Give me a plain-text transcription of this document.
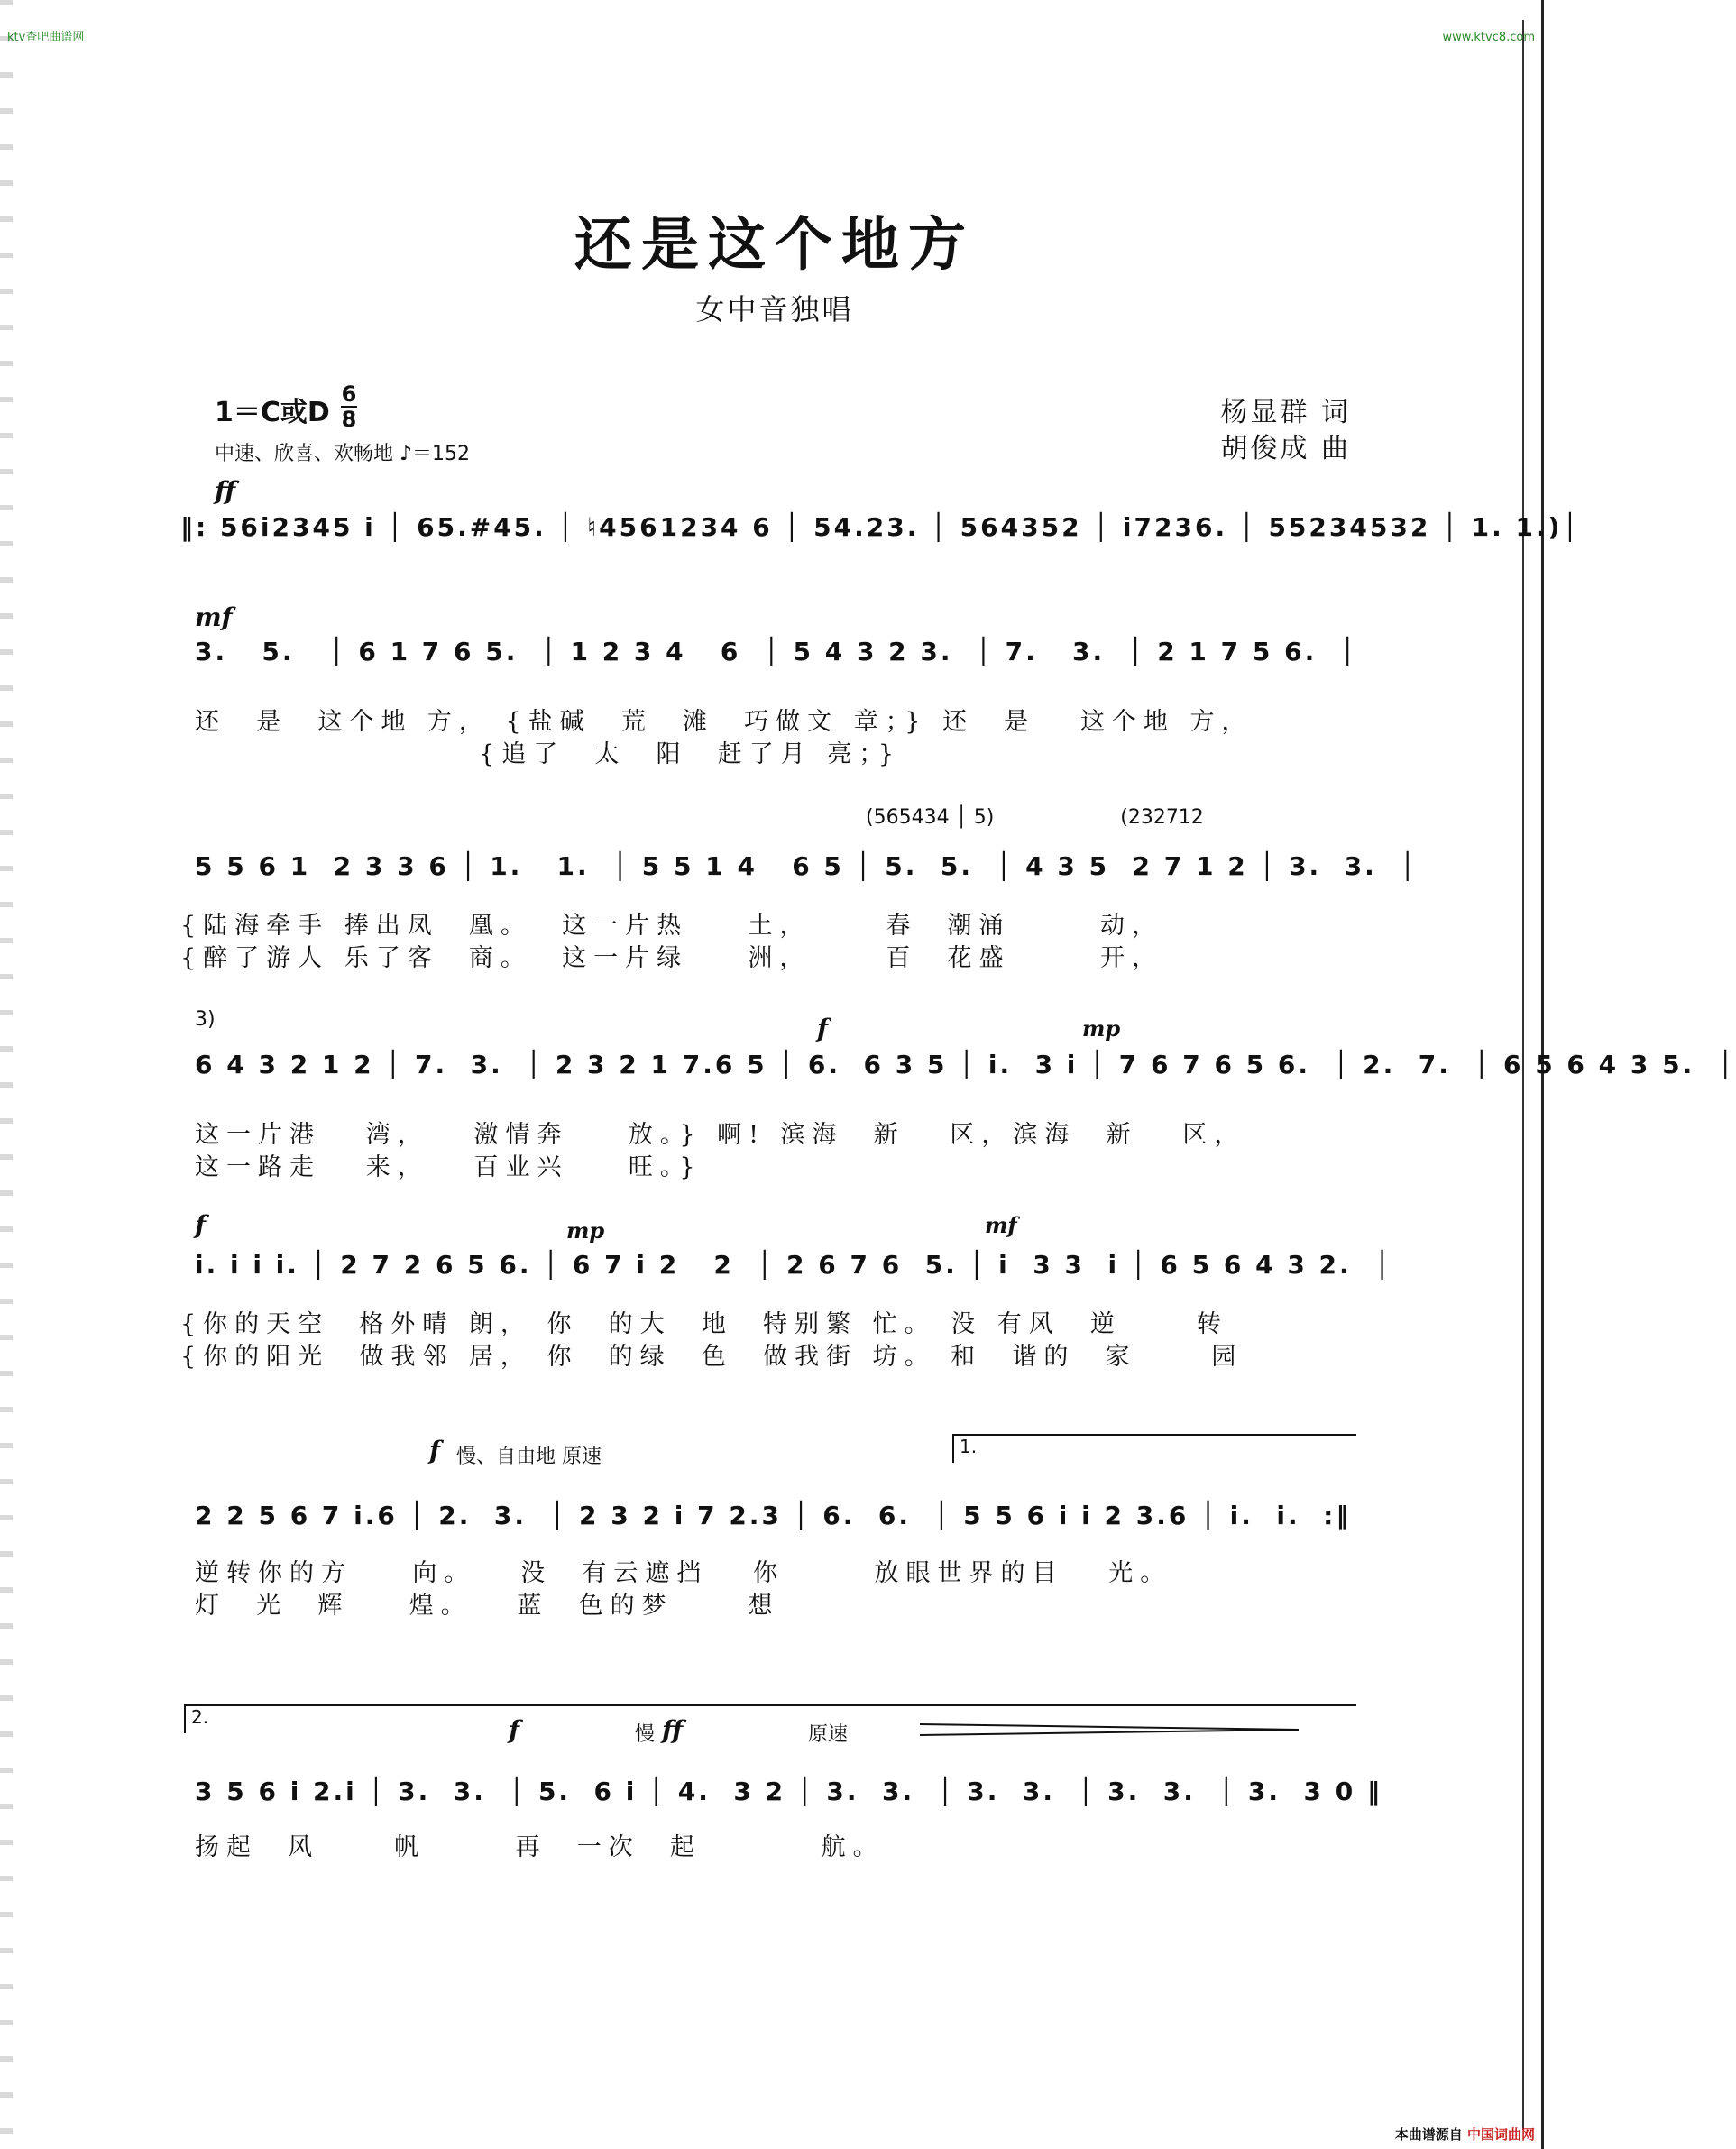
ktv查吧曲谱网	www.ktvc8.com
还是这个地方
女中音独唱
1＝C或D
6
8
中速、欣喜、欢畅地 ♪＝152
杨显群 词
胡俊成 曲
ff
‖: 56i2345 i │ 65.#45. │ ♮4561234 6 │ 54.23. │ 564352 │ i7236. │ 55234532 │ 1. 1.)│
mf
3.   5.   │ 6 1 7 6 5.  │ 1 2 3 4   6  │ 5 4 3 2 3.  │ 7.   3.  │ 2 1 7 5 6.  │
还  是  这个地 方， {盐碱  荒  滩  巧做文 章；} 还  是   这个地 方，
{追了  太  阳  赶了月 亮；}
(565434 │ 5)                    (232712
5 5 6 1  2 3 3 6 │ 1.   1.  │ 5 5 1 4   6 5 │ 5.  5.  │ 4 3 5  2 7 1 2 │ 3.  3.  │
{陆海牵手 捧出凤  凰。  这一片热    土，     春  潮涌      动，
{醉了游人 乐了客  商。  这一片绿    洲，     百  花盛      开，
3)	f	mp
6 4 3 2 1 2 │ 7.  3.  │ 2 3 2 1 7.6 5 │ 6.  6 3 5 │ i.  3 i │ 7 6 7 6 5 6.  │ 2.  7.  │ 6 5 6 4 3 5.  │
这一片港   湾，   激情奔    放。} 啊! 滨海  新   区，滨海  新   区，
这一路走   来，   百业兴    旺。}
f	mp	mf
i. i i i. │ 2 7 2 6 5 6. │ 6 7 i 2   2  │ 2 6 7 6  5. │ i  3 3  i │ 6 5 6 4 3 2.  │
{你的天空  格外晴 朗， 你  的大  地  特别繁 忙。 没 有风  逆     转
{你的阳光  做我邻 居， 你  的绿  色  做我街 坊。 和  谐的  家     园
f 慢、自由地 原速	1.
2 2 5 6 7 i.6 │ 2.  3.  │ 2 3 2 i 7 2.3 │ 6.  6.  │ 5 5 6 i i 2 3.6 │ i.  i.  :‖
逆转你的方    向。   没  有云遮挡   你      放眼世界的目   光。
灯  光  辉    煌。   蓝  色的梦     想
2.	f	慢 ff	原速
3 5 6 i 2.i │ 3.  3.  │ 5.  6 i │ 4.  3 2 │ 3.  3.  │ 3.  3.  │ 3.  3.  │ 3.  3 0 ‖
扬起  风     帆      再  一次  起        航。
本曲谱源自 中国词曲网
